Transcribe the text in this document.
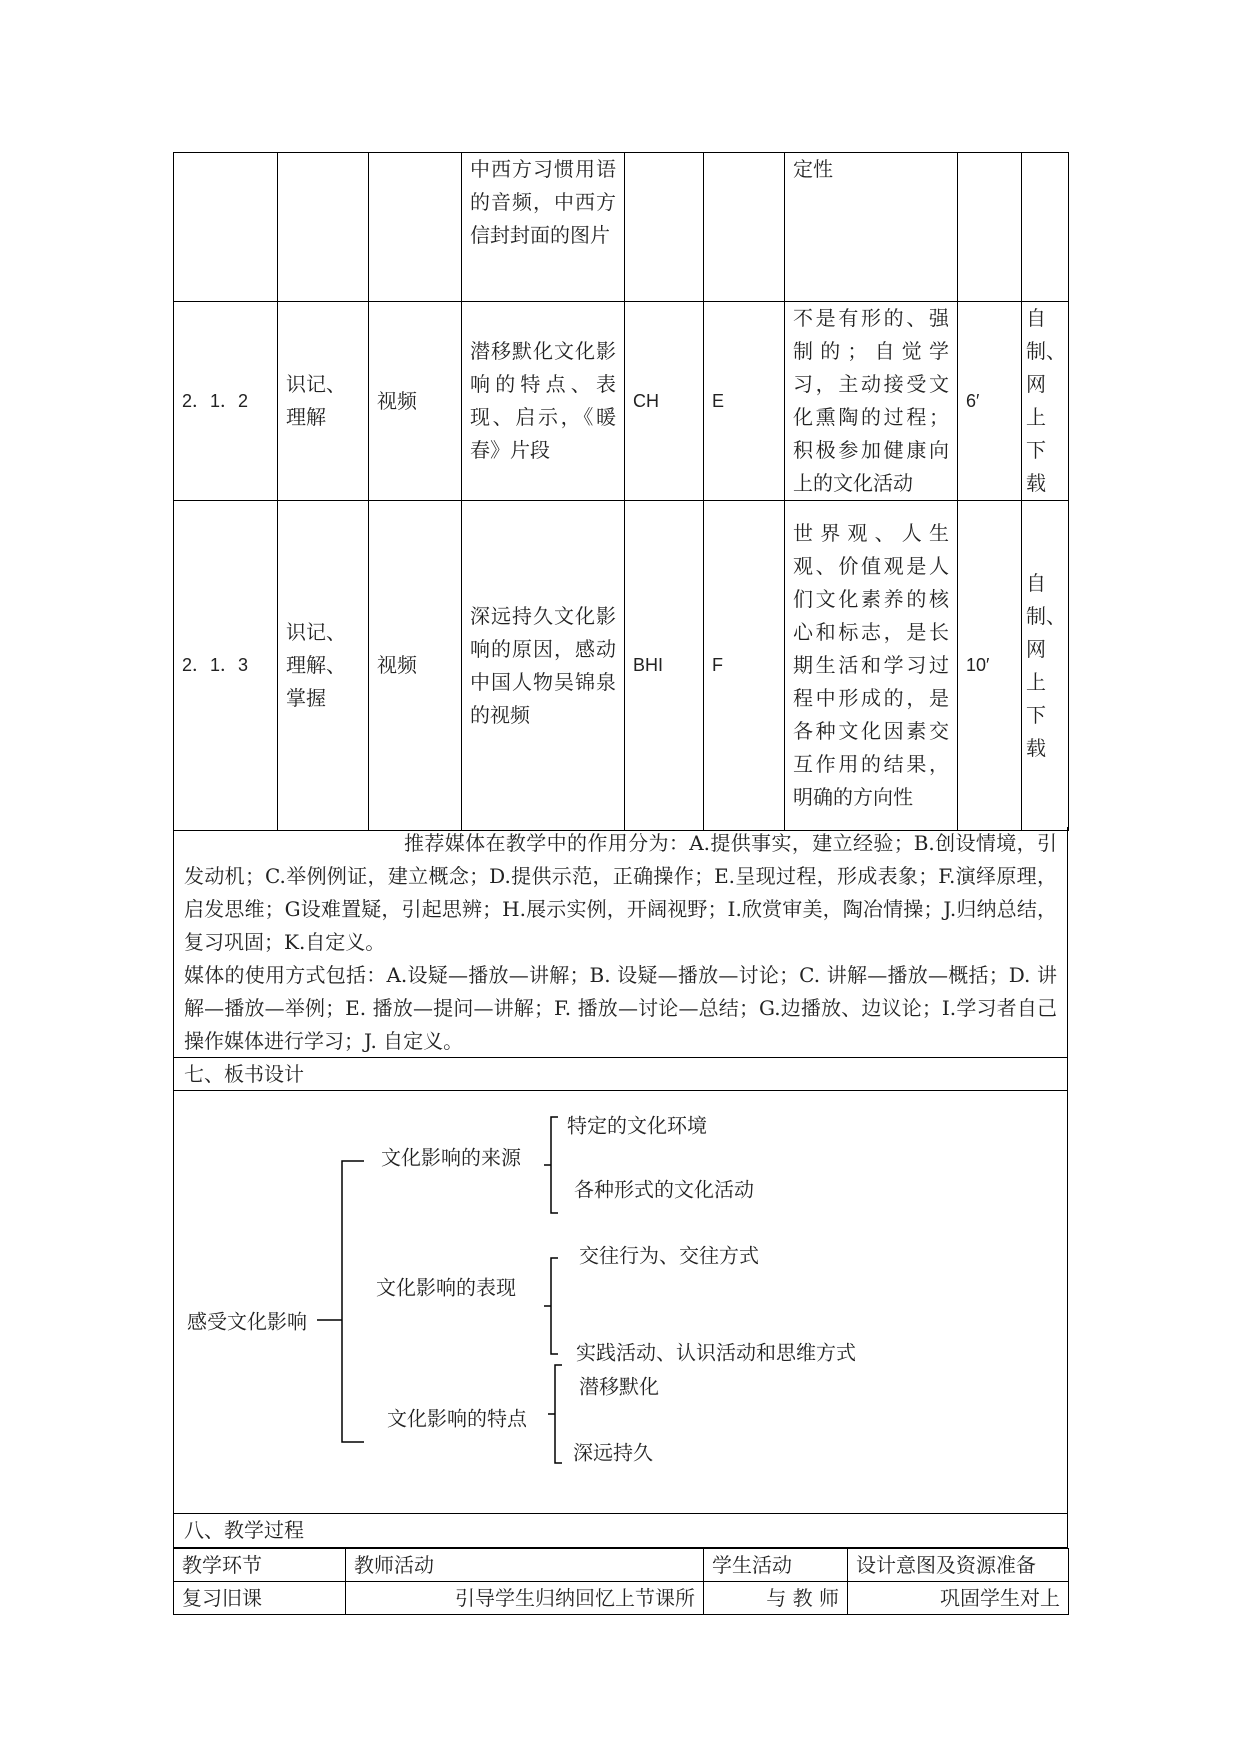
			中西方习惯用语的音频，中西方信封封面的图片			定性		
2．1．2	识记、理解	视频	潜移默化文化影响的特点、表现、启示，《暖春》片段	CH	E	不是有形的、强制的；自觉学习，主动接受文化熏陶的过程；积极参加健康向上的文化活动	6′	自制、网上下载
2．1．3	识记、理解、掌握	视频	深远持久文化影响的原因，感动中国人物吴锦泉的视频	BHI	F	世界观、人生观、价值观是人们文化素养的核心和标志，是长期生活和学习过程中形成的，是各种文化因素交互作用的结果，明确的方向性	10′	自制、网上下载

推荐媒体在教学中的作用分为：A.提供事实，建立经验；B.创设情境，引发动机；C.举例例证，建立概念；D.提供示范，正确操作；E.呈现过程，形成表象；F.演绎原理，启发思维；G设难置疑，引起思辨；H.展示实例，开阔视野；I.欣赏审美，陶冶情操；J.归纳总结，复习巩固；K.自定义。

媒体的使用方式包括：A.设疑—播放—讲解；B. 设疑—播放—讨论；C. 讲解—播放—概括；D. 讲解—播放—举例；E. 播放—提问—讲解；F. 播放—讨论—总结；G.边播放、边议论；I.学习者自己操作媒体进行学习；J. 自定义。

七、板书设计
感受文化影响
文化影响的来源
特定的文化环境
各种形式的文化活动
文化影响的表现
交往行为、交往方式
实践活动、认识活动和思维方式
文化影响的特点
潜移默化
深远持久
八、教学过程
教学环节	教师活动	学生活动	设计意图及资源准备
复习旧课	引导学生归纳回忆上节课所	与 教 师	巩固学生对上
